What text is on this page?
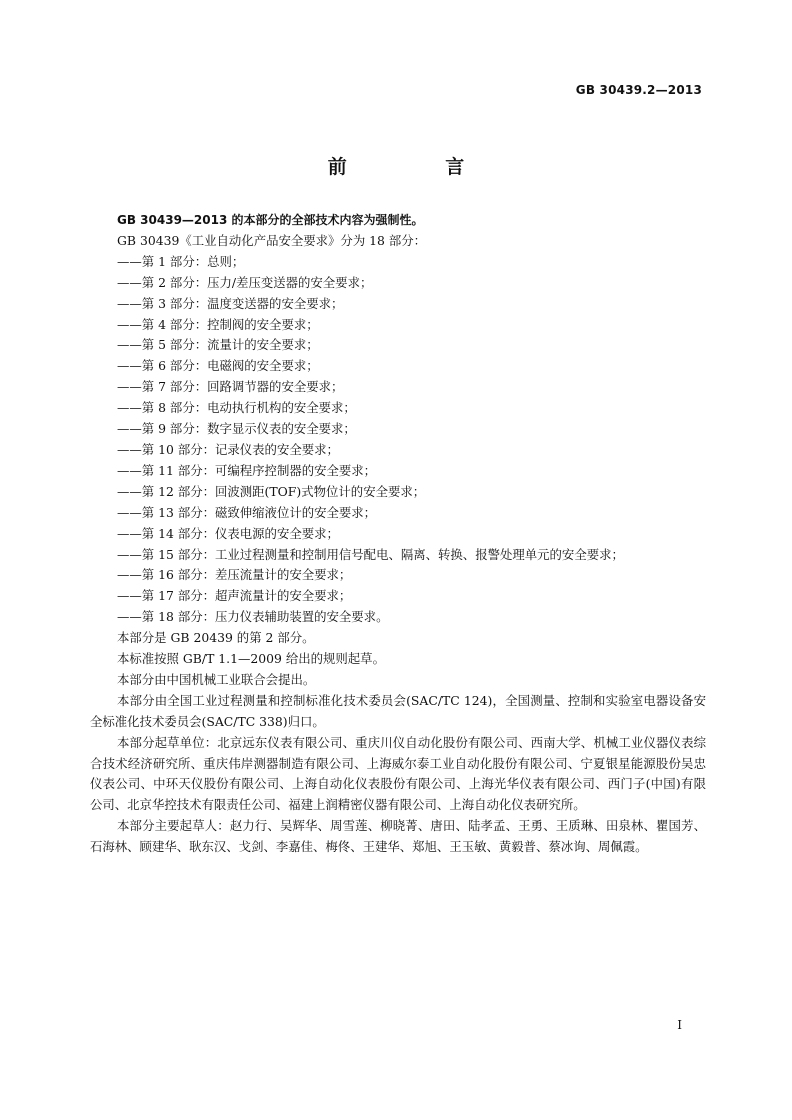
GB 30439.2—2013
前 言

GB 30439—2013 的本部分的全部技术内容为强制性。

GB 30439《工业自动化产品安全要求》分为 18 部分：

——第 1 部分：总则；

——第 2 部分：压力/差压变送器的安全要求；

——第 3 部分：温度变送器的安全要求；

——第 4 部分：控制阀的安全要求；

——第 5 部分：流量计的安全要求；

——第 6 部分：电磁阀的安全要求；

——第 7 部分：回路调节器的安全要求；

——第 8 部分：电动执行机构的安全要求；

——第 9 部分：数字显示仪表的安全要求；

——第 10 部分：记录仪表的安全要求；

——第 11 部分：可编程序控制器的安全要求；

——第 12 部分：回波测距(TOF)式物位计的安全要求；

——第 13 部分：磁致伸缩液位计的安全要求；

——第 14 部分：仪表电源的安全要求；

——第 15 部分：工业过程测量和控制用信号配电、隔离、转换、报警处理单元的安全要求；

——第 16 部分：差压流量计的安全要求；

——第 17 部分：超声流量计的安全要求；

——第 18 部分：压力仪表辅助装置的安全要求。

本部分是 GB 20439 的第 2 部分。

本标准按照 GB/T 1.1—2009 给出的规则起草。

本部分由中国机械工业联合会提出。

本部分由全国工业过程测量和控制标准化技术委员会(SAC/TC 124)，全国测量、控制和实验室电器设备安全标准化技术委员会(SAC/TC 338)归口。

本部分起草单位：北京远东仪表有限公司、重庆川仪自动化股份有限公司、西南大学、机械工业仪器仪表综合技术经济研究所、重庆伟岸测器制造有限公司、上海威尔泰工业自动化股份有限公司、宁夏银星能源股份吴忠仪表公司、中环天仪股份有限公司、上海自动化仪表股份有限公司、上海光华仪表有限公司、西门子(中国)有限公司、北京华控技术有限责任公司、福建上润精密仪器有限公司、上海自动化仪表研究所。

本部分主要起草人：赵力行、吴辉华、周雪莲、柳晓菁、唐田、陆孝孟、王勇、王质琳、田泉林、瞿国芳、石海林、顾建华、耿东汉、戈剑、李嘉佳、梅佟、王建华、郑旭、王玉敏、黄毅普、蔡冰询、周佩霞。

I
